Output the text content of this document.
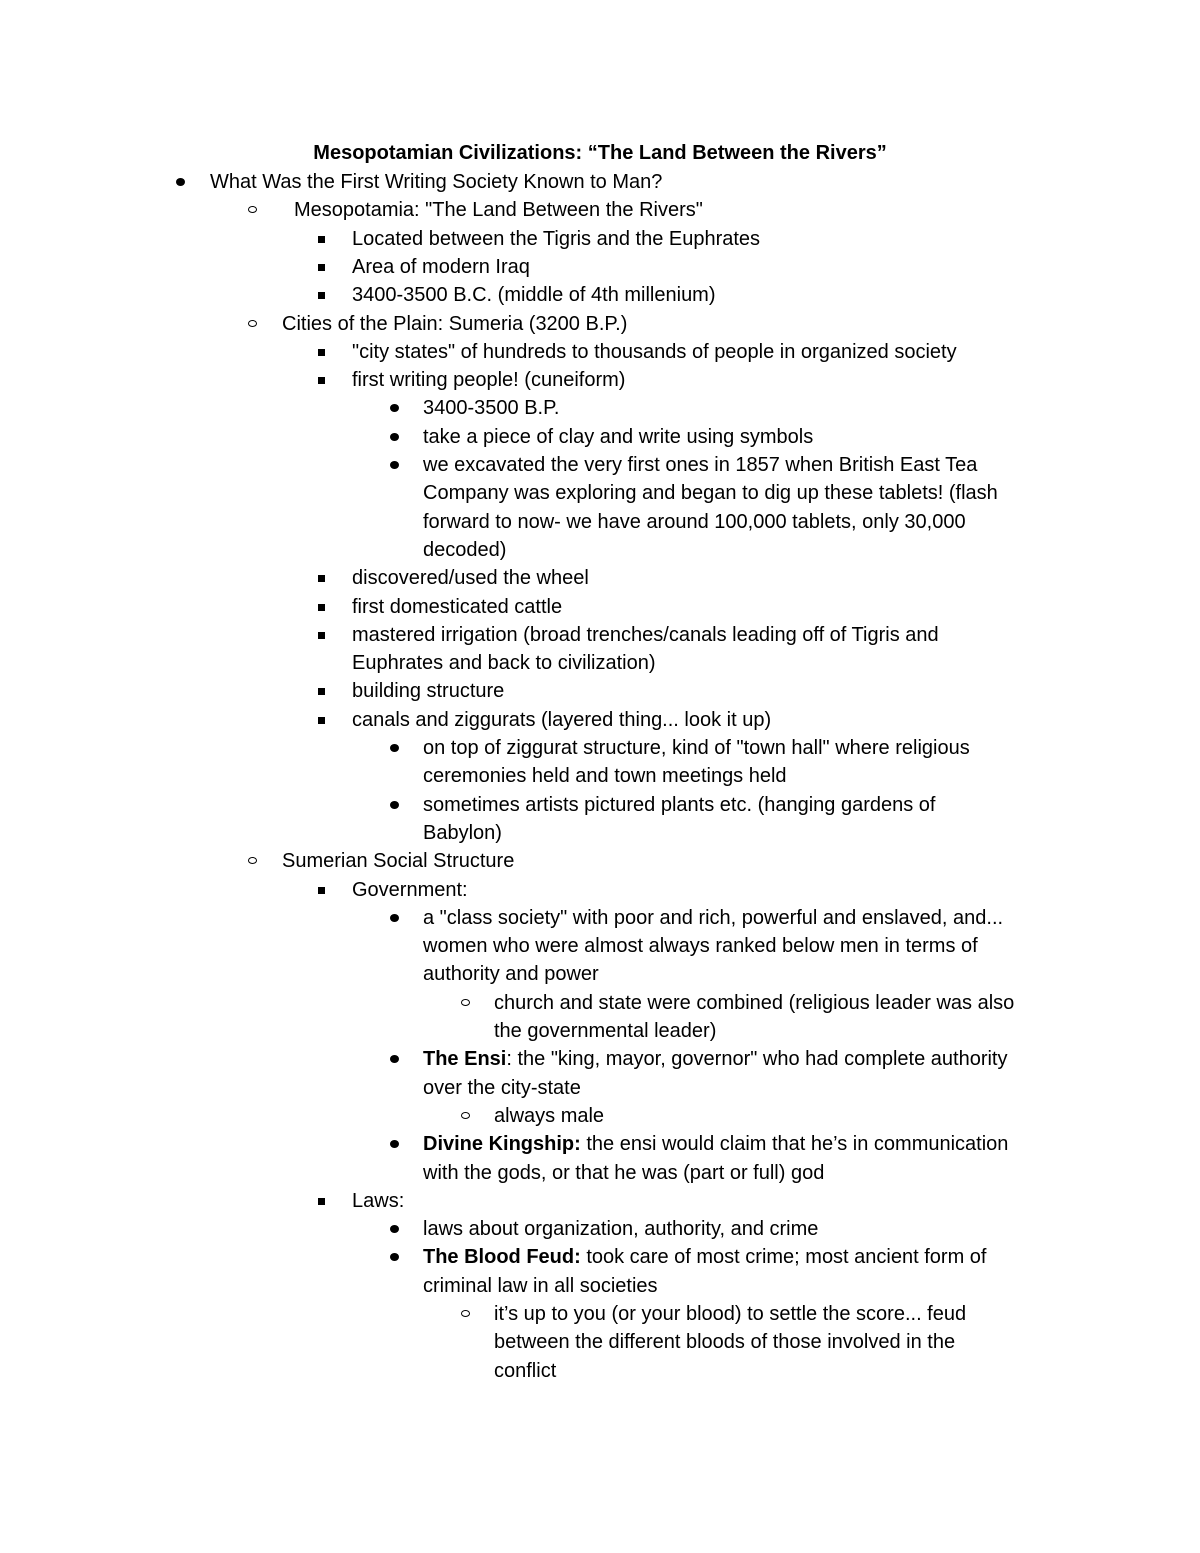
Mesopotamian Civilizations: “The Land Between the Rivers”
What Was the First Writing Society Known to Man?
Mesopotamia: "The Land Between the Rivers"
Located between the Tigris and the Euphrates
Area of modern Iraq
3400-3500 B.C. (middle of 4th millenium)
Cities of the Plain: Sumeria (3200 B.P.)
"city states" of hundreds to thousands of people in organized society
first writing people! (cuneiform)
3400-3500 B.P.
take a piece of clay and write using symbols
we excavated the very first ones in 1857 when British East Tea
Company was exploring and began to dig up these tablets! (flash
forward to now- we have around 100,000 tablets, only 30,000
decoded)
discovered/used the wheel
first domesticated cattle
mastered irrigation (broad trenches/canals leading off of Tigris and
Euphrates and back to civilization)
building structure
canals and ziggurats (layered thing... look it up)
on top of ziggurat structure, kind of "town hall" where religious
ceremonies held and town meetings held
sometimes artists pictured plants etc. (hanging gardens of
Babylon)
Sumerian Social Structure
Government:
a "class society" with poor and rich, powerful and enslaved, and...
women who were almost always ranked below men in terms of
authority and power
church and state were combined (religious leader was also
the governmental leader)
The Ensi: the "king, mayor, governor" who had complete authority
over the city-state
always male
Divine Kingship: the ensi would claim that he’s in communication
with the gods, or that he was (part or full) god
Laws:
laws about organization, authority, and crime
The Blood Feud: took care of most crime; most ancient form of
criminal law in all societies
it’s up to you (or your blood) to settle the score... feud
between the different bloods of those involved in the
conflict
